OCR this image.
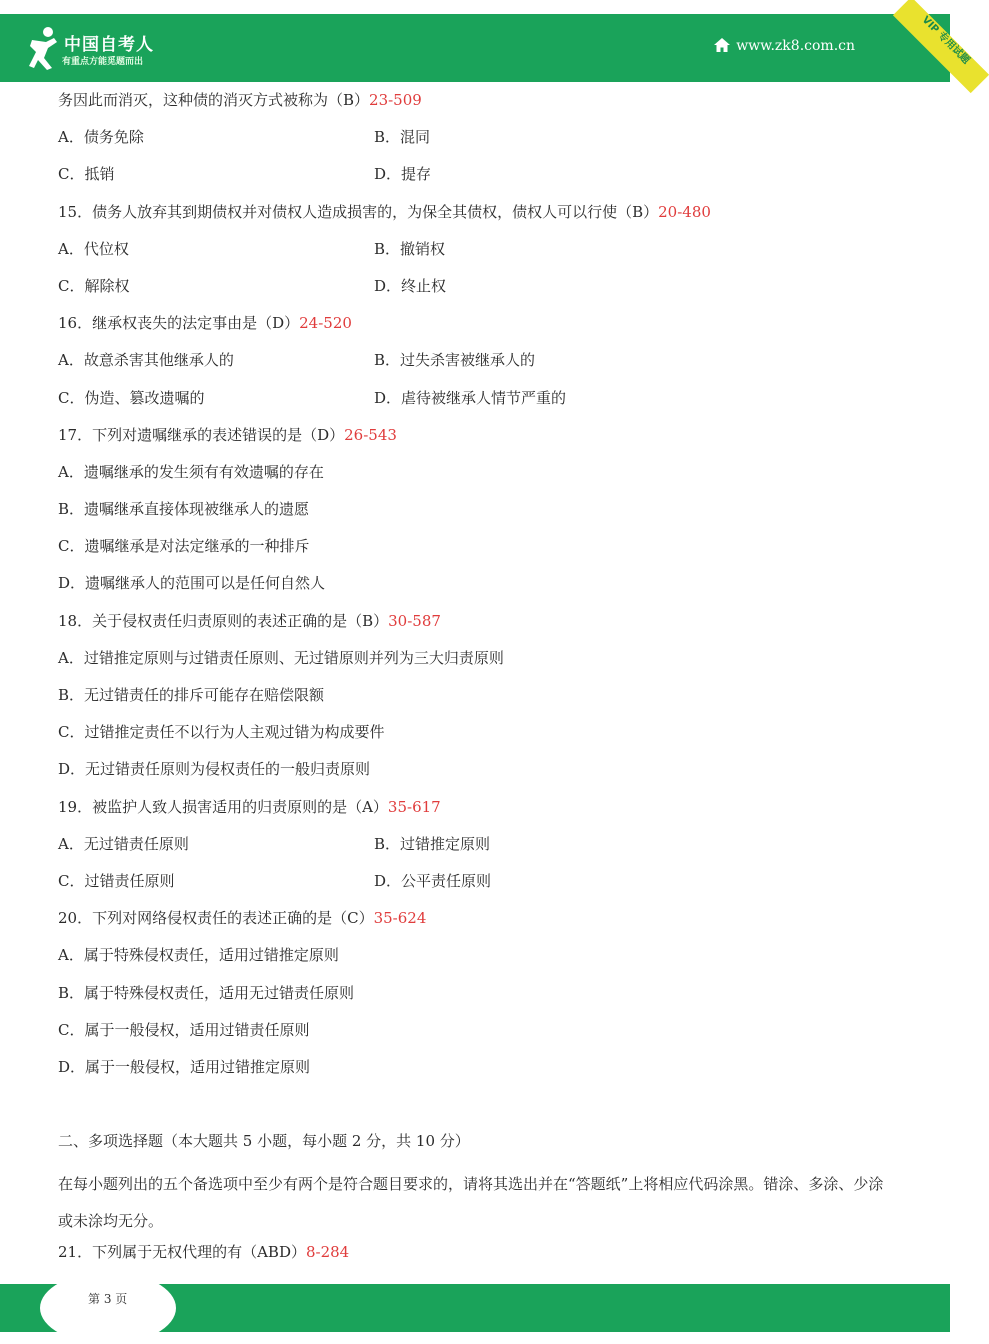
中国自考人
有重点方能觅题而出
www.zk8.com.cn	VIP 专用试题
务因此而消灭，这种债的消灭方式被称为（B）23-509
A．债务免除	B．混同
C．抵销	D．提存
15．债务人放弃其到期债权并对债权人造成损害的，为保全其债权，债权人可以行使（B）20-480
A．代位权	B．撤销权
C．解除权	D．终止权
16．继承权丧失的法定事由是（D）24-520
A．故意杀害其他继承人的	B．过失杀害被继承人的
C．伪造、篡改遗嘱的	D．虐待被继承人情节严重的
17．下列对遗嘱继承的表述错误的是（D）26-543
A．遗嘱继承的发生须有有效遗嘱的存在
B．遗嘱继承直接体现被继承人的遗愿
C．遗嘱继承是对法定继承的一种排斥
D．遗嘱继承人的范围可以是任何自然人
18．关于侵权责任归责原则的表述正确的是（B）30-587
A．过错推定原则与过错责任原则、无过错原则并列为三大归责原则
B．无过错责任的排斥可能存在赔偿限额
C．过错推定责任不以行为人主观过错为构成要件
D．无过错责任原则为侵权责任的一般归责原则
19．被监护人致人损害适用的归责原则的是（A）35-617
A．无过错责任原则	B．过错推定原则
C．过错责任原则	D．公平责任原则
20．下列对网络侵权责任的表述正确的是（C）35-624
A．属于特殊侵权责任，适用过错推定原则
B．属于特殊侵权责任，适用无过错责任原则
C．属于一般侵权，适用过错责任原则
D．属于一般侵权，适用过错推定原则
二、多项选择题（本大题共 5 小题，每小题 2 分，共 10 分）
在每小题列出的五个备选项中至少有两个是符合题目要求的，请将其选出并在“答题纸”上将相应代码涂黑。错涂、多涂、少涂或未涂均无分。
21．下列属于无权代理的有（ABD）8-284
第 3 页
